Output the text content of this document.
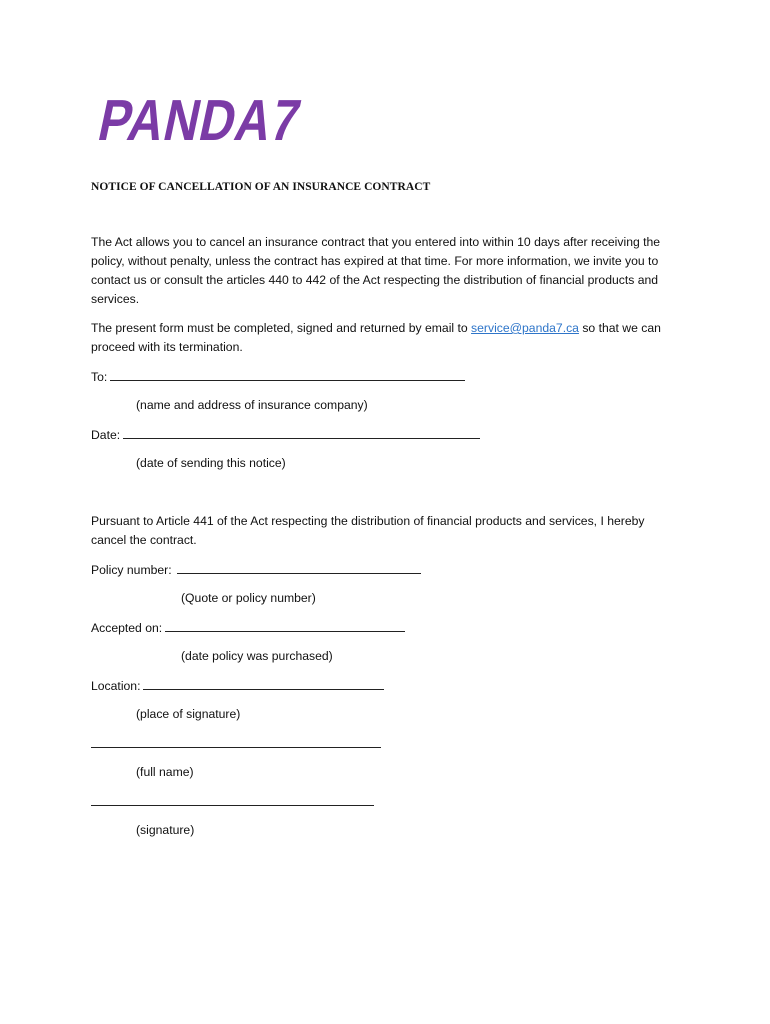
PANDA7
NOTICE OF CANCELLATION OF AN INSURANCE CONTRACT
The Act allows you to cancel an insurance contract that you entered into within 10 days after receiving the policy, without penalty, unless the contract has expired at that time. For more information, we invite you to contact us or consult the articles 440 to 442 of the Act respecting the distribution of financial products and services.
The present form must be completed, signed and returned by email to service@panda7.ca so that we can proceed with its termination.
To:
(name and address of insurance company)
Date:
(date of sending this notice)
Pursuant to Article 441 of the Act respecting the distribution of financial products and services, I hereby cancel the contract.
Policy number:
(Quote or policy number)
Accepted on:
(date policy was purchased)
Location:
(place of signature)
(full name)
(signature)
